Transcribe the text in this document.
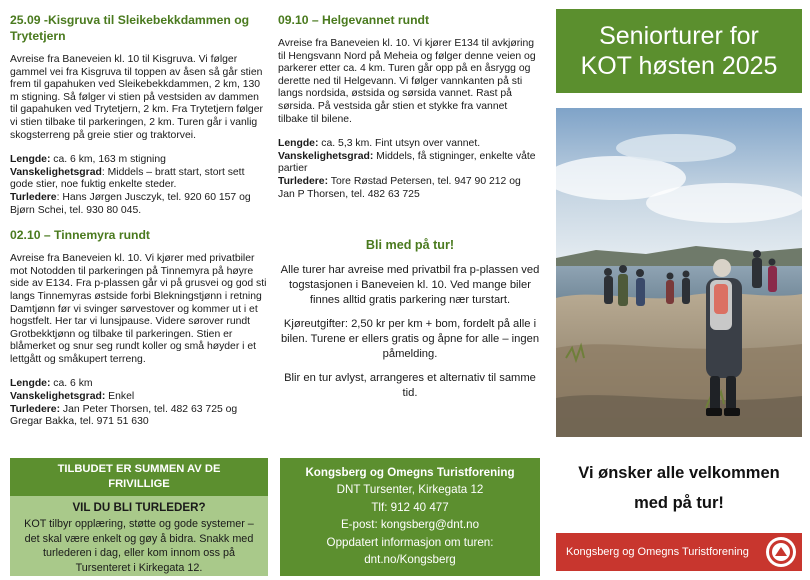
25.09 -Kisgruva til Sleikebekkdammen og Trytetjern

Avreise fra Baneveien kl. 10 til Kisgruva. Vi følger gammel vei fra Kisgruva til toppen av åsen så går stien frem til gapahuken ved Sleikebekkdammen, 2 km, 130 m stigning. Så følger vi stien på vestsiden av dammen til gapahuken ved Trytetjern, 2 km. Fra Trytetjern følger vi stien tilbake til parkeringen, 2 km. Turen går i vanlig skogsterreng på greie stier og traktorvei.

Lengde: ca. 6 km, 163 m stigning
Vanskelighetsgrad: Middels – bratt start, stort sett gode stier, noe fuktig enkelte steder.
Turledere: Hans Jørgen Jusczyk, tel. 920 60 157 og Bjørn Schei, tel. 930 80 045.

02.10 – Tinnemyra rundt

Avreise fra Baneveien kl. 10. Vi kjører med privatbiler mot Notodden til parkeringen på Tinnemyra på høyre side av E134. Fra p-plassen går vi på grusvei og god sti langs Tinnemyras østside forbi Blekningstjønn i retning Damtjønn før vi svinger sørvestover og kommer ut i et hogstfelt. Her tar vi lunsjpause. Videre sørover rundt Grotbekktjønn og tilbake til parkeringen. Stien er blåmerket og snur seg rundt koller og små høyder i et lettgått og småkupert terreng.

Lengde: ca. 6 km
Vanskelighetsgrad: Enkel
Turledere: Jan Peter Thorsen, tel. 482 63 725 og Gregar Bakka, tel. 971 51 630

TILBUDET ER SUMMEN AV DE FRIVILLIGE
VIL DU BLI TURLEDER?

KOT tilbyr opplæring, støtte og gode systemer – det skal være enkelt og gøy å bidra. Snakk med turlederen i dag, eller kom innom oss på Tursenteret i Kirkegata 12.

09.10 – Helgevannet rundt

Avreise fra Baneveien kl. 10. Vi kjører E134 til avkjøring til Hengsvann Nord på Meheia og følger denne veien og parkerer etter ca. 4 km. Turen går opp på en åsrygg og derette ned til Helgevann. Vi følger vannkanten på sti langs nordsida, østsida og sørsida vannet. Rast på sørsida. På vestsida går stien et stykke fra vannet tilbake til bilene.

Lengde: ca. 5,3 km. Fint utsyn over vannet.
Vanskelighetsgrad: Middels, få stigninger, enkelte våte partier
Turledere: Tore Røstad Petersen, tel. 947 90 212 og Jan P Thorsen, tel. 482 63 725

Bli med på tur!

Alle turer har avreise med privatbil fra p-plassen ved togstasjonen i Baneveien kl. 10. Ved mange biler finnes alltid gratis parkering nær turstart.

Kjøreutgifter: 2,50 kr per km + bom, fordelt på alle i bilen. Turene er ellers gratis og åpne for alle – ingen påmelding.

Blir en tur avlyst, arrangeres et alternativ til samme tid.

Kongsberg og Omegns Turistforening
DNT Tursenter, Kirkegata 12
Tlf: 912 40 477
E-post: kongsberg@dnt.no
Oppdatert informasjon om turen:
dnt.no/Kongsberg
Seniorturer for
KOT høsten 2025
Vi ønsker alle velkommen
med på tur!
Kongsberg og Omegns Turistforening
